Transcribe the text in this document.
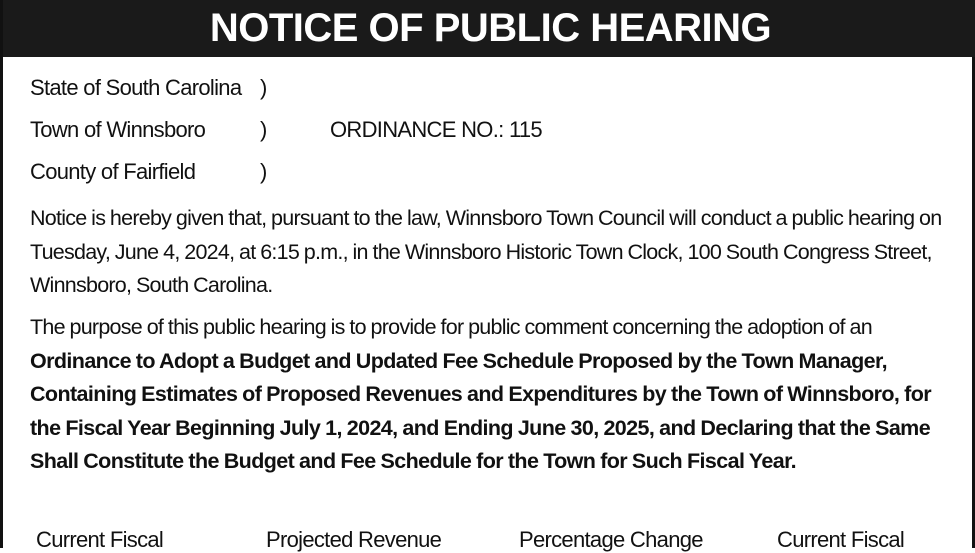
NOTICE OF PUBLIC HEARING
State of South Carolina )
Town of Winnsboro )	ORDINANCE NO.: 115
County of Fairfield	)
Notice is hereby given that, pursuant to the law, Winnsboro Town Council will conduct a public hearing on Tuesday, June 4, 2024, at 6:15 p.m., in the Winnsboro Historic Town Clock, 100 South Congress Street, Winnsboro, South Carolina.
The purpose of this public hearing is to provide for public comment concerning the adoption of an Ordinance to Adopt a Budget and Updated Fee Schedule Proposed by the Town Manager, Containing Estimates of Proposed Revenues and Expenditures by the Town of Winnsboro, for the Fiscal Year Beginning July 1, 2024, and Ending June 30, 2025, and Declaring that the Same Shall Constitute the Budget and Fee Schedule for the Town for Such Fiscal Year.
Current Fiscal	Projected Revenue	Percentage Change	Current Fiscal
